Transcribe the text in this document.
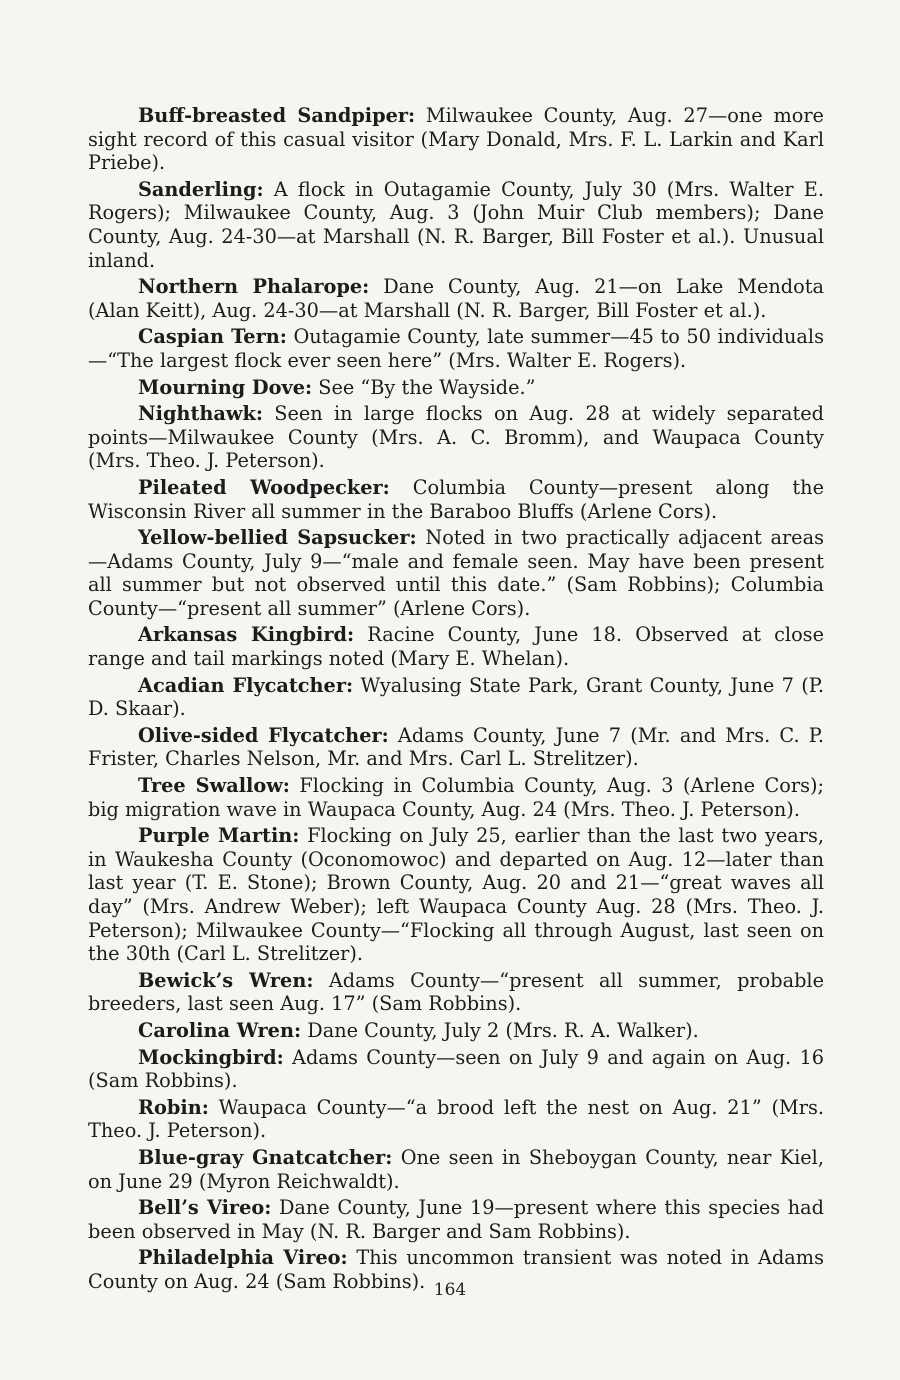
Buff-breasted Sandpiper: Milwaukee County, Aug. 27—one more sight record of this casual visitor (Mary Donald, Mrs. F. L. Larkin and Karl Priebe).

Sanderling: A flock in Outagamie County, July 30 (Mrs. Walter E. Rogers); Milwaukee County, Aug. 3 (John Muir Club members); Dane County, Aug. 24-30—at Marshall (N. R. Barger, Bill Foster et al.). Unusual inland.

Northern Phalarope: Dane County, Aug. 21—on Lake Mendota (Alan Keitt), Aug. 24-30—at Marshall (N. R. Barger, Bill Foster et al.).

Caspian Tern: Outagamie County, late summer—45 to 50 individuals—“The largest flock ever seen here” (Mrs. Walter E. Rogers).

Mourning Dove: See “By the Wayside.”

Nighthawk: Seen in large flocks on Aug. 28 at widely separated points—Milwaukee County (Mrs. A. C. Bromm), and Waupaca County (Mrs. Theo. J. Peterson).

Pileated Woodpecker: Columbia County—present along the Wisconsin River all summer in the Baraboo Bluffs (Arlene Cors).

Yellow-bellied Sapsucker: Noted in two practically adjacent areas—Adams County, July 9—“male and female seen. May have been present all summer but not observed until this date.” (Sam Robbins); Columbia County—“present all summer” (Arlene Cors).

Arkansas Kingbird: Racine County, June 18. Observed at close range and tail markings noted (Mary E. Whelan).

Acadian Flycatcher: Wyalusing State Park, Grant County, June 7 (P. D. Skaar).

Olive-sided Flycatcher: Adams County, June 7 (Mr. and Mrs. C. P. Frister, Charles Nelson, Mr. and Mrs. Carl L. Strelitzer).

Tree Swallow: Flocking in Columbia County, Aug. 3 (Arlene Cors); big migration wave in Waupaca County, Aug. 24 (Mrs. Theo. J. Peterson).

Purple Martin: Flocking on July 25, earlier than the last two years, in Waukesha County (Oconomowoc) and departed on Aug. 12—later than last year (T. E. Stone); Brown County, Aug. 20 and 21—“great waves all day” (Mrs. Andrew Weber); left Waupaca County Aug. 28 (Mrs. Theo. J. Peterson); Milwaukee County—“Flocking all through August, last seen on the 30th (Carl L. Strelitzer).

Bewick’s Wren: Adams County—“present all summer, probable breeders, last seen Aug. 17” (Sam Robbins).

Carolina Wren: Dane County, July 2 (Mrs. R. A. Walker).

Mockingbird: Adams County—seen on July 9 and again on Aug. 16 (Sam Robbins).

Robin: Waupaca County—“a brood left the nest on Aug. 21” (Mrs. Theo. J. Peterson).

Blue-gray Gnatcatcher: One seen in Sheboygan County, near Kiel, on June 29 (Myron Reichwaldt).

Bell’s Vireo: Dane County, June 19—present where this species had been observed in May (N. R. Barger and Sam Robbins).

Philadelphia Vireo: This uncommon transient was noted in Adams County on Aug. 24 (Sam Robbins). 164
